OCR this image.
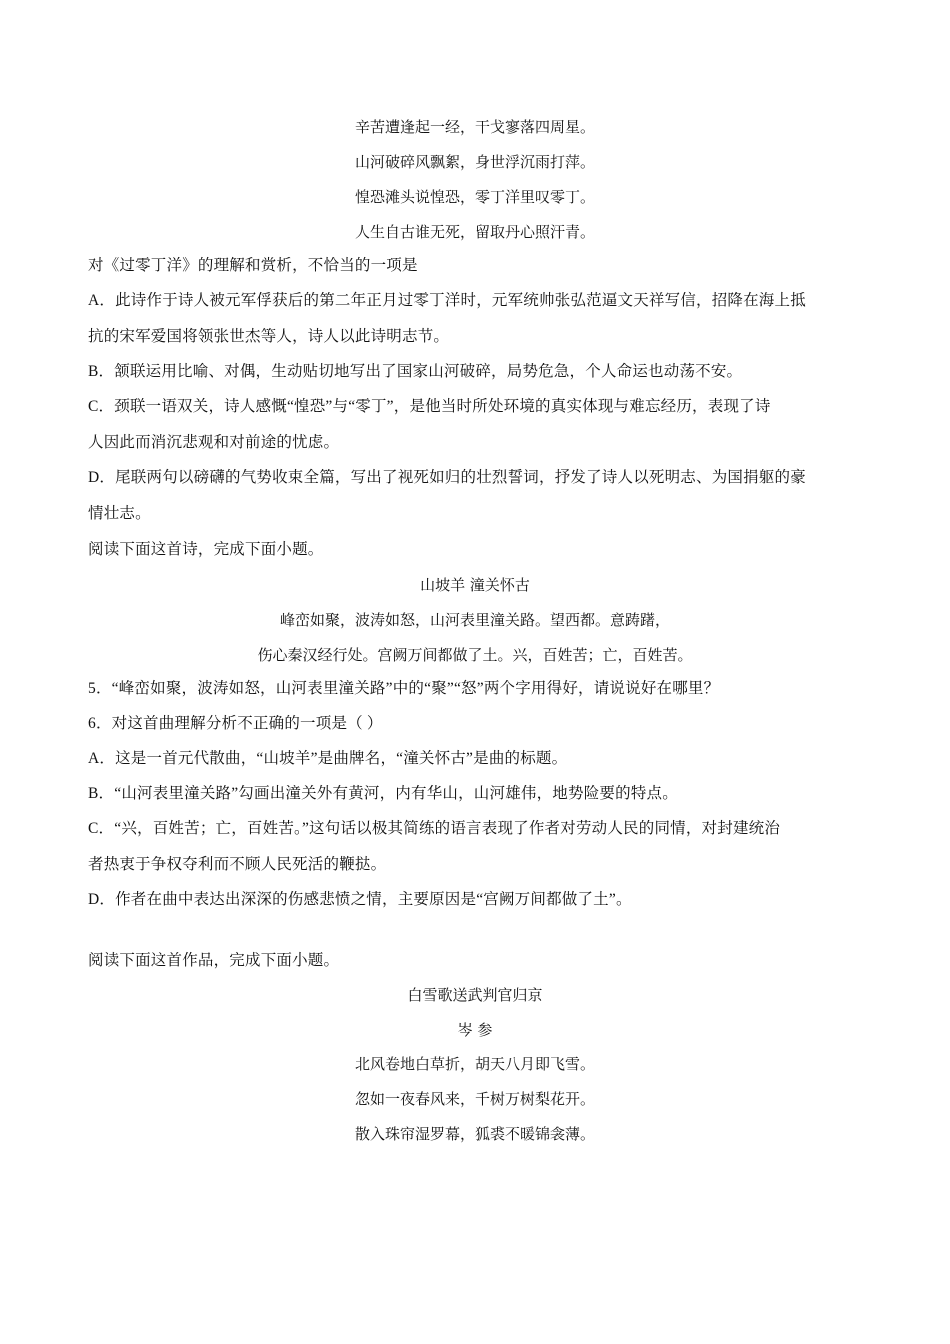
辛苦遭逢起一经，干戈寥落四周星。
山河破碎风飘絮，身世浮沉雨打萍。
惶恐滩头说惶恐，零丁洋里叹零丁。
人生自古谁无死，留取丹心照汗青。
对《过零丁洋》的理解和赏析，不恰当的一项是
A．此诗作于诗人被元军俘获后的第二年正月过零丁洋时，元军统帅张弘范逼文天祥写信，招降在海上抵
抗的宋军爱国将领张世杰等人，诗人以此诗明志节。
B．颔联运用比喻、对偶，生动贴切地写出了国家山河破碎，局势危急，个人命运也动荡不安。
C．颈联一语双关，诗人感慨“惶恐”与“零丁”，是他当时所处环境的真实体现与难忘经历，表现了诗
人因此而消沉悲观和对前途的忧虑。
D．尾联两句以磅礴的气势收束全篇，写出了视死如归的壮烈誓词，抒发了诗人以死明志、为国捐躯的豪
情壮志。
阅读下面这首诗，完成下面小题。
山坡羊 潼关怀古
峰峦如聚，波涛如怒，山河表里潼关路。望西都。意踌躇，
伤心秦汉经行处。宫阙万间都做了土。兴，百姓苦；亡，百姓苦。
5．“峰峦如聚，波涛如怒，山河表里潼关路”中的“聚”“怒”两个字用得好，请说说好在哪里？
6．对这首曲理解分析不正确的一项是（ ）
A．这是一首元代散曲，“山坡羊”是曲牌名，“潼关怀古”是曲的标题。
B．“山河表里潼关路”勾画出潼关外有黄河，内有华山，山河雄伟，地势险要的特点。
C．“兴，百姓苦；亡，百姓苦。”这句话以极其简练的语言表现了作者对劳动人民的同情，对封建统治
者热衷于争权夺利而不顾人民死活的鞭挞。
D．作者在曲中表达出深深的伤感悲愤之情，主要原因是“宫阙万间都做了土”。
阅读下面这首作品，完成下面小题。
白雪歌送武判官归京
岑 参
北风卷地白草折，胡天八月即飞雪。
忽如一夜春风来，千树万树梨花开。
散入珠帘湿罗幕，狐裘不暖锦衾薄。
